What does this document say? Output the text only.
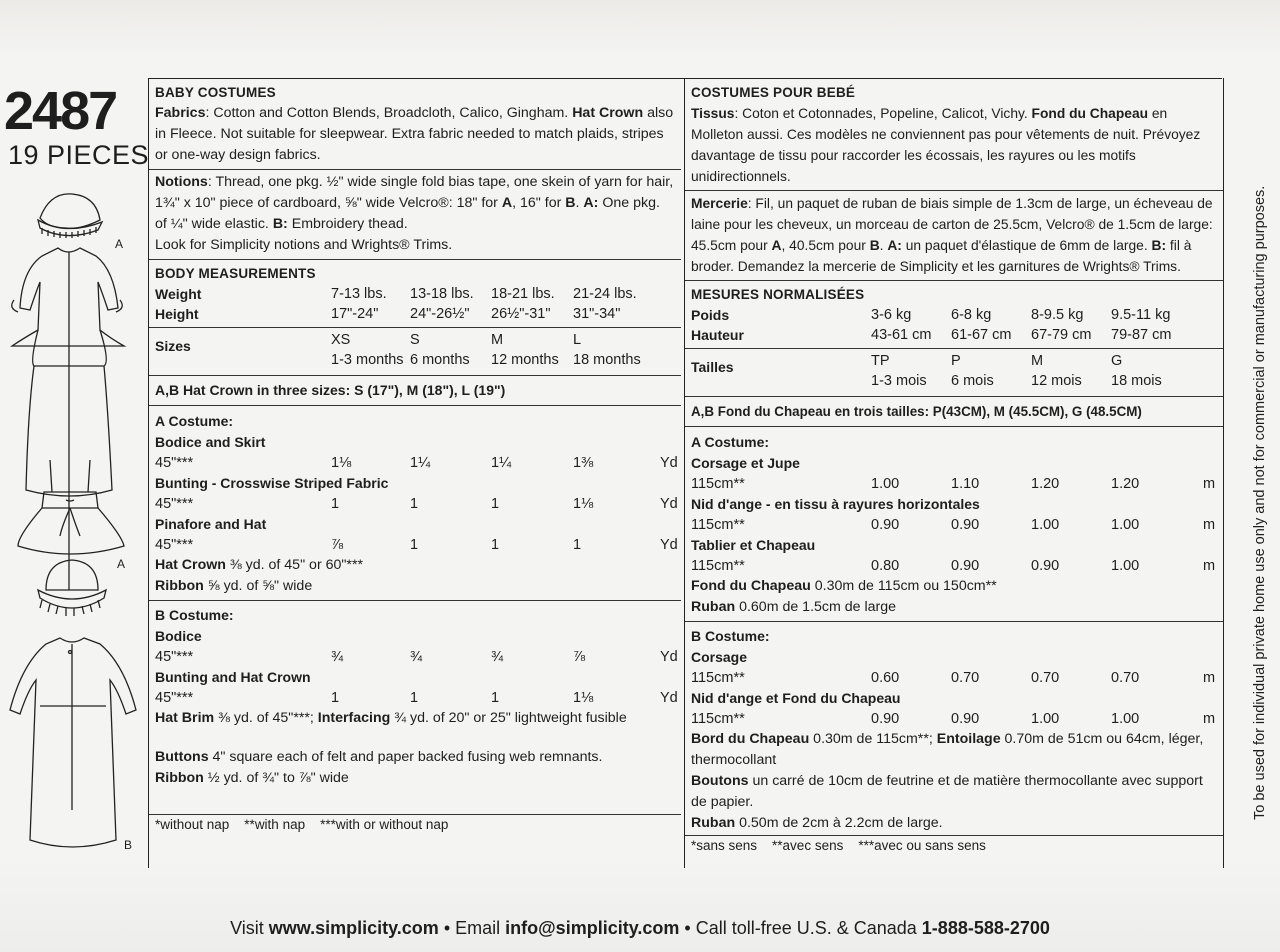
2487
19 PIECES
A
A
B
BABY COSTUMES
Fabrics: Cotton and Cotton Blends, Broadcloth, Calico, Gingham. Hat Crown also in Fleece. Not suitable for sleepwear. Extra fabric needed to match plaids, stripes or one-way design fabrics.
Notions: Thread, one pkg. ½" wide single fold bias tape, one skein of yarn for hair, 1¾" x 10" piece of cardboard, ⅝" wide Velcro®: 18" for A, 16" for B. A: One pkg. of ¼" wide elastic. B: Embroidery thead.
Look for Simplicity notions and Wrights® Trims.
BODY MEASUREMENTS
Weight	7-13 lbs. 13-18 lbs. 18-21 lbs. 21-24 lbs.
Height	17"-24" 24"-26½" 26½"-31" 31"-34"
Sizes	XS	S	M	L
1-3 months 6 months 12 months 18 months
A,B Hat Crown in three sizes: S (17"), M (18"), L (19")
A Costume:
Bodice and Skirt
45"***	1⅛	1¼	1¼	1⅜	Yd
Bunting - Crosswise Striped Fabric
45"***	1	1	1	1⅛	Yd
Pinafore and Hat
45"***	⅞	1	1	1	Yd
Hat Crown ⅜ yd. of 45" or 60"***
Ribbon ⅝ yd. of ⅝" wide
B Costume:
Bodice
45"***	¾	¾	¾	⅞	Yd
Bunting and Hat Crown
45"***	1	1	1	1⅛	Yd
Hat Brim ⅜ yd. of 45"***; Interfacing ¾ yd. of 20" or 25" lightweight fusible
Buttons 4" square each of felt and paper backed fusing web remnants.
Ribbon ½ yd. of ¾" to ⅞" wide
*without nap    **with nap    ***with or without nap
COSTUMES POUR BEBÉ
Tissus: Coton et Cotonnades, Popeline, Calicot, Vichy. Fond du Chapeau en Molleton aussi. Ces modèles ne conviennent pas pour vêtements de nuit. Prévoyez davantage de tissu pour raccorder les écossais, les rayures ou les motifs unidirectionnels.
Mercerie: Fil, un paquet de ruban de biais simple de 1.3cm de large, un écheveau de laine pour les cheveux, un morceau de carton de 25.5cm, Velcro® de 1.5cm de large: 45.5cm pour A, 40.5cm pour B. A: un paquet d'élastique de 6mm de large. B: fil à broder. Demandez la mercerie de Simplicity et les garnitures de Wrights® Trims.
MESURES NORMALISÉES
Poids	3-6 kg	6-8 kg	8-9.5 kg 9.5-11 kg
Hauteur	43-61 cm 61-67 cm 67-79 cm 79-87 cm
Tailles	TP	P	M	G
1-3 mois 6 mois	12 mois 18 mois
A,B Fond du Chapeau en trois tailles: P(43CM), M (45.5CM), G (48.5CM)
A Costume:
Corsage et Jupe
115cm**	1.00	1.10	1.20	1.20	m
Nid d'ange - en tissu à rayures horizontales
115cm**	0.90	0.90	1.00	1.00	m
Tablier et Chapeau
115cm**	0.80	0.90	0.90	1.00	m
Fond du Chapeau 0.30m de 115cm ou 150cm**
Ruban 0.60m de 1.5cm de large
B Costume:
Corsage
115cm**	0.60	0.70	0.70	0.70	m
Nid d'ange et Fond du Chapeau
115cm**	0.90	0.90	1.00	1.00	m
Bord du Chapeau 0.30m de 115cm**; Entoilage 0.70m de 51cm ou 64cm, léger, thermocollant
Boutons un carré de 10cm de feutrine et de matière thermocollante avec support de papier.
Ruban 0.50m de 2cm à 2.2cm de large.
*sans sens    **avec sens    ***avec ou sans sens
To be used for individual private home use only and not for commercial or manufacturing purposes.
Visit www.simplicity.com • Email info@simplicity.com • Call toll-free U.S. & Canada 1-888-588-2700
